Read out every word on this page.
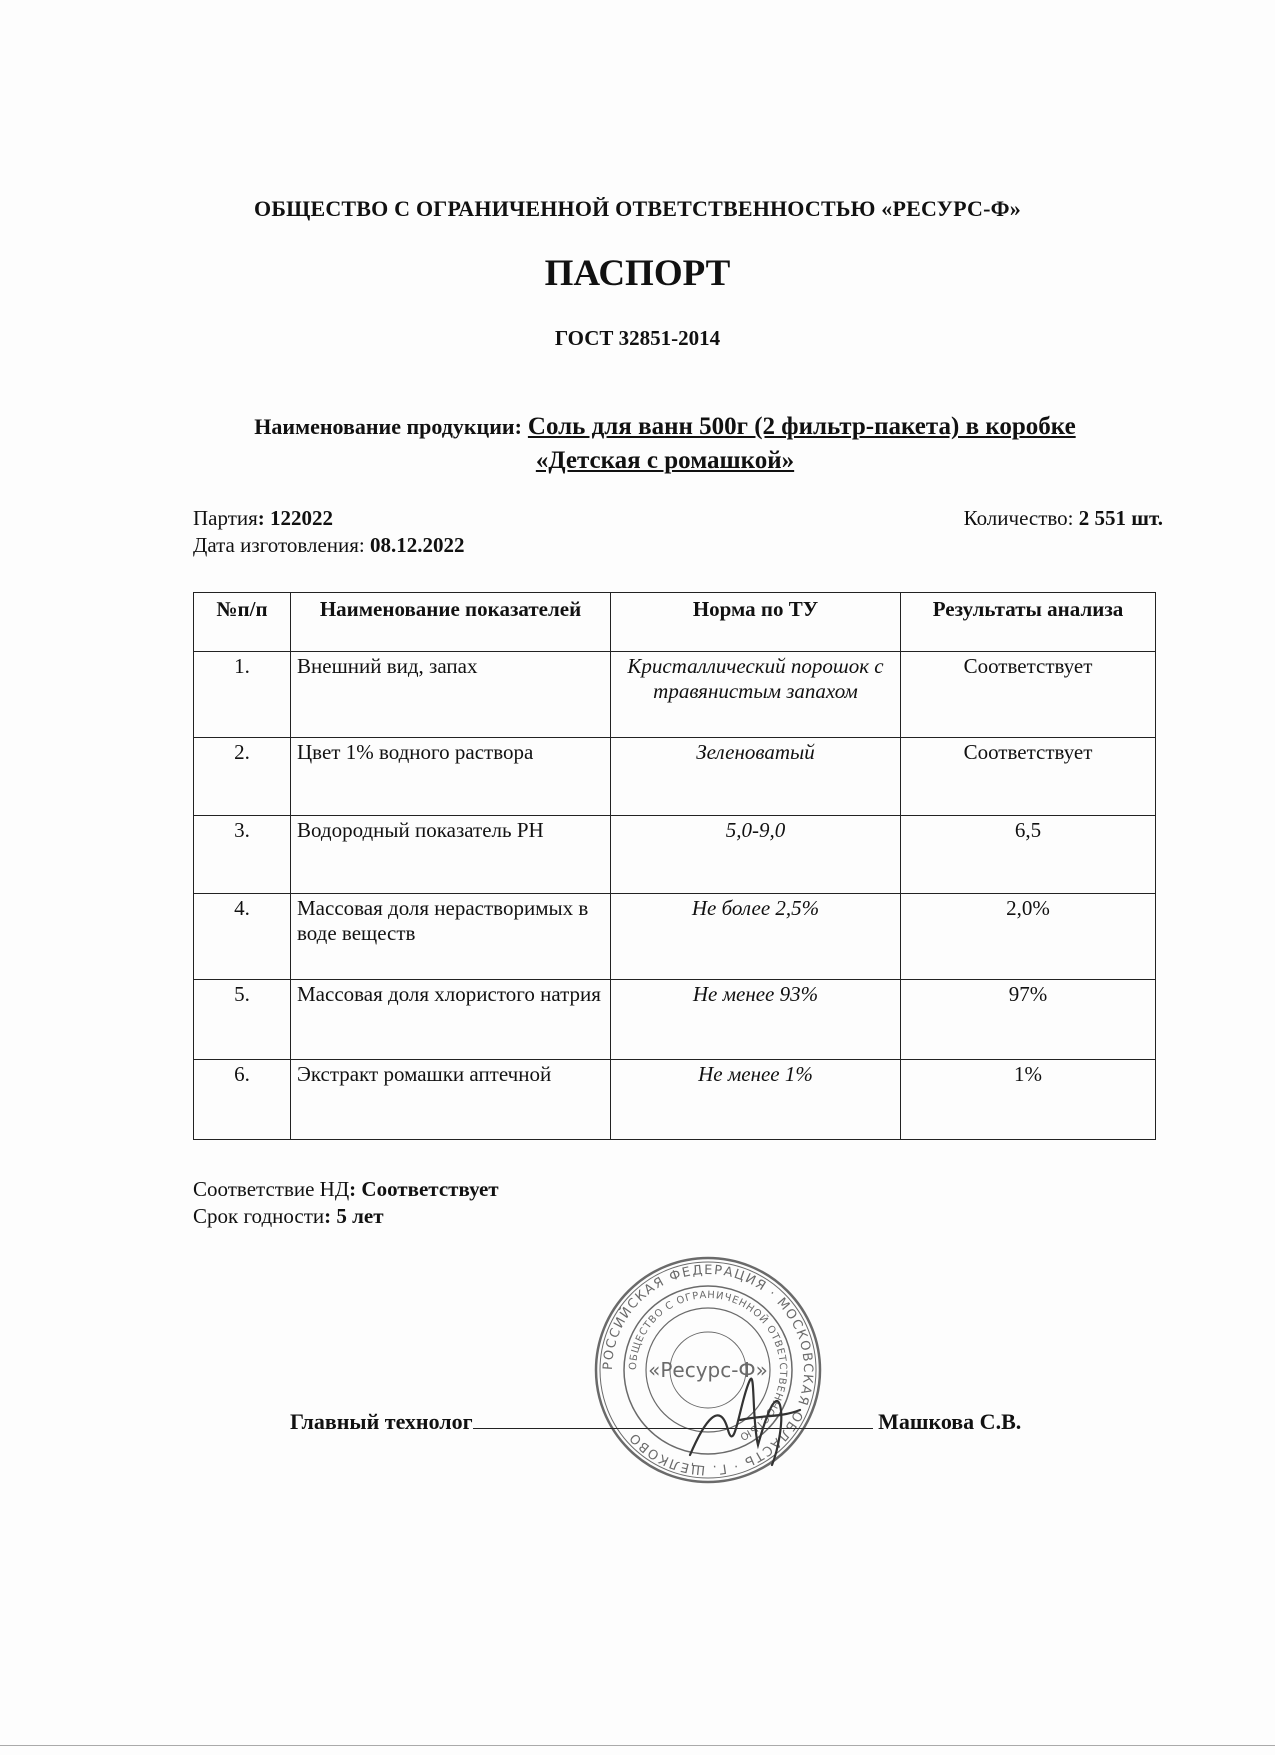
ОБЩЕСТВО С ОГРАНИЧЕННОЙ ОТВЕТСТВЕННОСТЬЮ «РЕСУРС-Ф»
ПАСПОРТ
ГОСТ 32851-2014
Наименование продукции: Соль для ванн 500г (2 фильтр-пакета) в коробке
«Детская с ромашкой»
Партия: 122022
Дата изготовления: 08.12.2022
Количество: 2 551 шт.
№п/п	Наименование показателей	Норма по ТУ	Результаты анализа
1.	Внешний вид, запах	Кристаллический порошок с травянистым запахом	Соответствует
2.	Цвет 1% водного раствора	Зеленоватый	Соответствует
3.	Водородный показатель РН	5,0-9,0	6,5
4.	Массовая доля нерастворимых в воде веществ	Не более 2,5%	2,0%
5.	Массовая доля хлористого натрия	Не менее 93%	97%
6.	Экстракт ромашки аптечной	Не менее 1%	1%
Соответствие НД: Соответствует
Срок годности: 5 лет
РОССИЙСКАЯ ФЕДЕРАЦИЯ · МОСКОВСКАЯ ОБЛАСТЬ · Г. ЩЕЛКОВО
ОБЩЕСТВО С ОГРАНИЧЕННОЙ ОТВЕТСТВЕННОСТЬЮ
«Ресурс-Ф»
Главный технолог	Машкова С.В.
